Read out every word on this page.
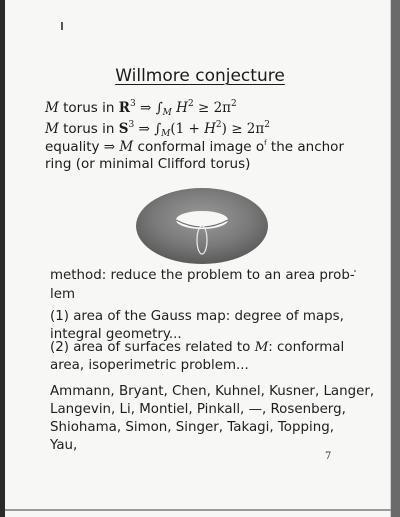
Willmore conjecture
M torus in $R^3$ ⇒ $\int_M$ $H^2 \ge 2\pi^2$
M torus in $S^3$ ⇒ $\int_M(1 + H^2) \ge 2\pi^2$
equality ⇒ M conformal image $o^f$ the anchor
ring (or minimal Clifford torus)
method: reduce the problem to an area prob-
lem
(1) area of the Gauss map: degree of maps,
integral geometry...
(2) area of surfaces related to M: conformal
area, isoperimetric problem...
Ammann, Bryant, Chen, Kuhnel, Kusner, Langer,
Langevin, Li, Montiel, Pinkall, —, Rosenberg,
Shiohama, Simon, Singer, Takagi, Topping,
Yau,
7
